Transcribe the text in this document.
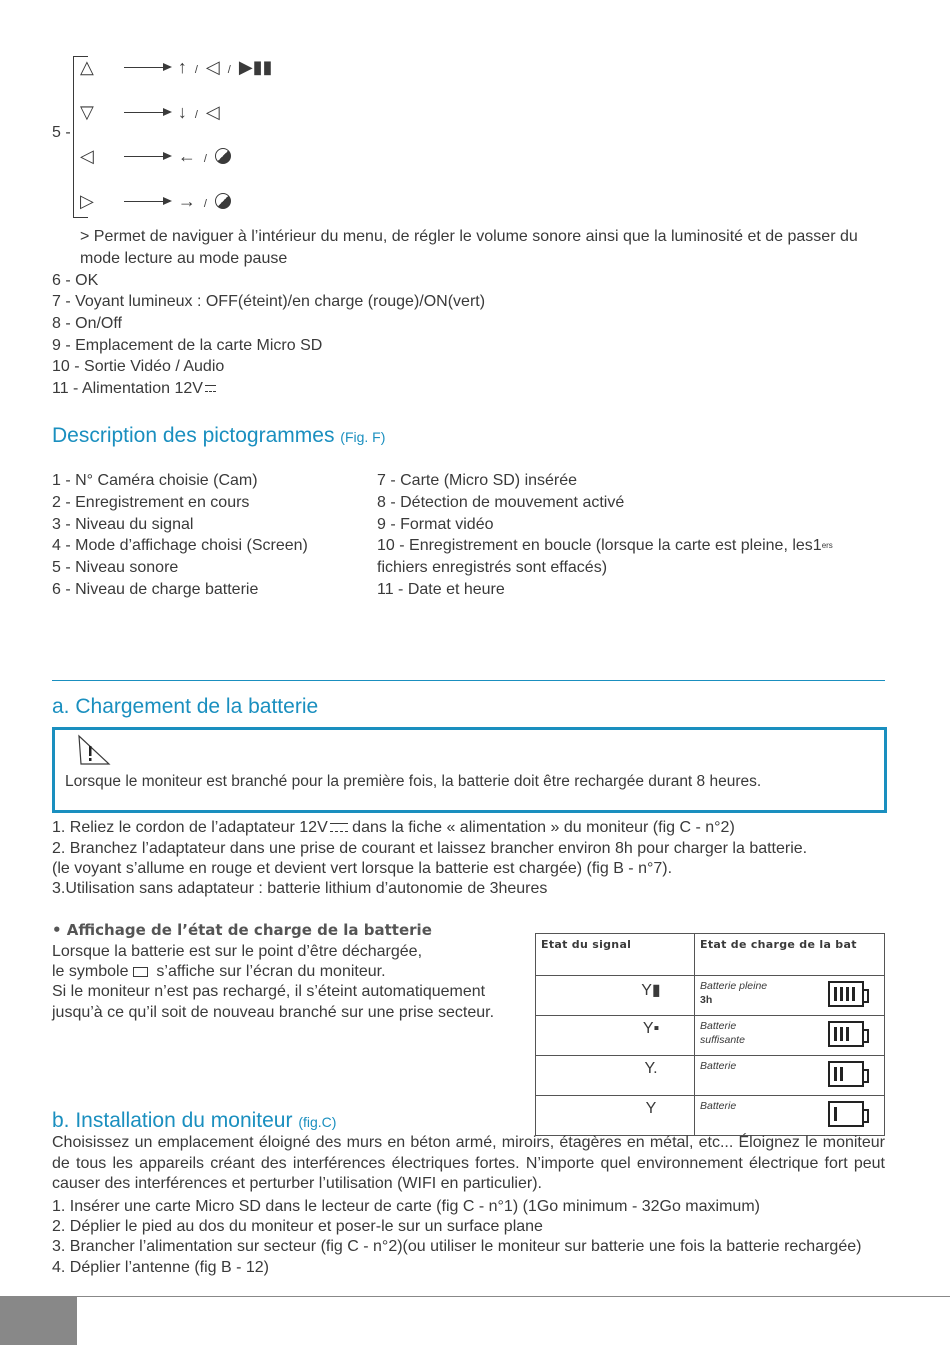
5 -
△	↑ / ◁ / ▶▮▮
▽	↓ / ◁
◁	← /
▷	→ /
> Permet de naviguer à l’intérieur du menu, de régler le volume sonore ainsi que la luminosité et de passer du
mode lecture au mode pause
6 - OK
7 - Voyant lumineux : OFF(éteint)/en charge (rouge)/ON(vert)
8 - On/Off
9 - Emplacement de la carte Micro SD
10 - Sortie Vidéo / Audio
11 - Alimentation 12V
Description des pictogrammes (Fig. F)
1 - N° Caméra choisie (Cam)
2 - Enregistrement en cours
3 - Niveau du signal
4 - Mode d’affichage choisi (Screen)
5 - Niveau sonore
6 - Niveau de charge batterie
7 - Carte (Micro SD) insérée
8 - Détection de mouvement activé
9 - Format vidéo
10 - Enregistrement en boucle (lorsque la carte est pleine, les1ers
fichiers enregistrés sont effacés)
11 - Date et heure
a. Chargement de la batterie
Lorsque le moniteur est branché pour la première fois, la batterie doit être rechargée durant 8 heures.
1. Reliez le cordon de l’adaptateur 12V dans la fiche « alimentation » du moniteur (fig C - n°2)
2. Branchez l’adaptateur dans une prise de courant et laissez brancher environ 8h pour charger la batterie.
(le voyant s’allume en rouge et devient vert lorsque la batterie est chargée) (fig B - n°7).
3.Utilisation sans adaptateur : batterie lithium d’autonomie de 3heures
• Affichage de l’état de charge de la batterie
Lorsque la batterie est sur le point d’être déchargée,
le symbole  s’affiche sur l’écran du moniteur.
Si le moniteur n’est pas rechargé, il s’éteint automatiquement
jusqu’à ce qu’il soit de nouveau branché sur une prise secteur.
Etat du signal	Etat de charge de la bat

Y▮	Batterie pleine
3h

Y▪	Batterie suffisante

Y.	Batterie

Y	Batterie
b. Installation du moniteur (fig.C)
Choisissez un emplacement éloigné des murs en béton armé, miroirs, étagères en métal, etc... Éloignez le moniteur de tous les appareils créant des interférences électriques fortes. N’importe quel environnement électrique fort peut causer des interférences et perturber l’utilisation (WIFI en particulier).
1. Insérer une carte Micro SD dans le lecteur de carte (fig C - n°1) (1Go minimum - 32Go maximum)
2. Déplier le pied au dos du moniteur et poser-le sur un surface plane
3. Brancher l’alimentation sur secteur (fig C - n°2)(ou utiliser le moniteur sur batterie une fois la batterie rechargée)
4. Déplier l’antenne (fig B - 12)
